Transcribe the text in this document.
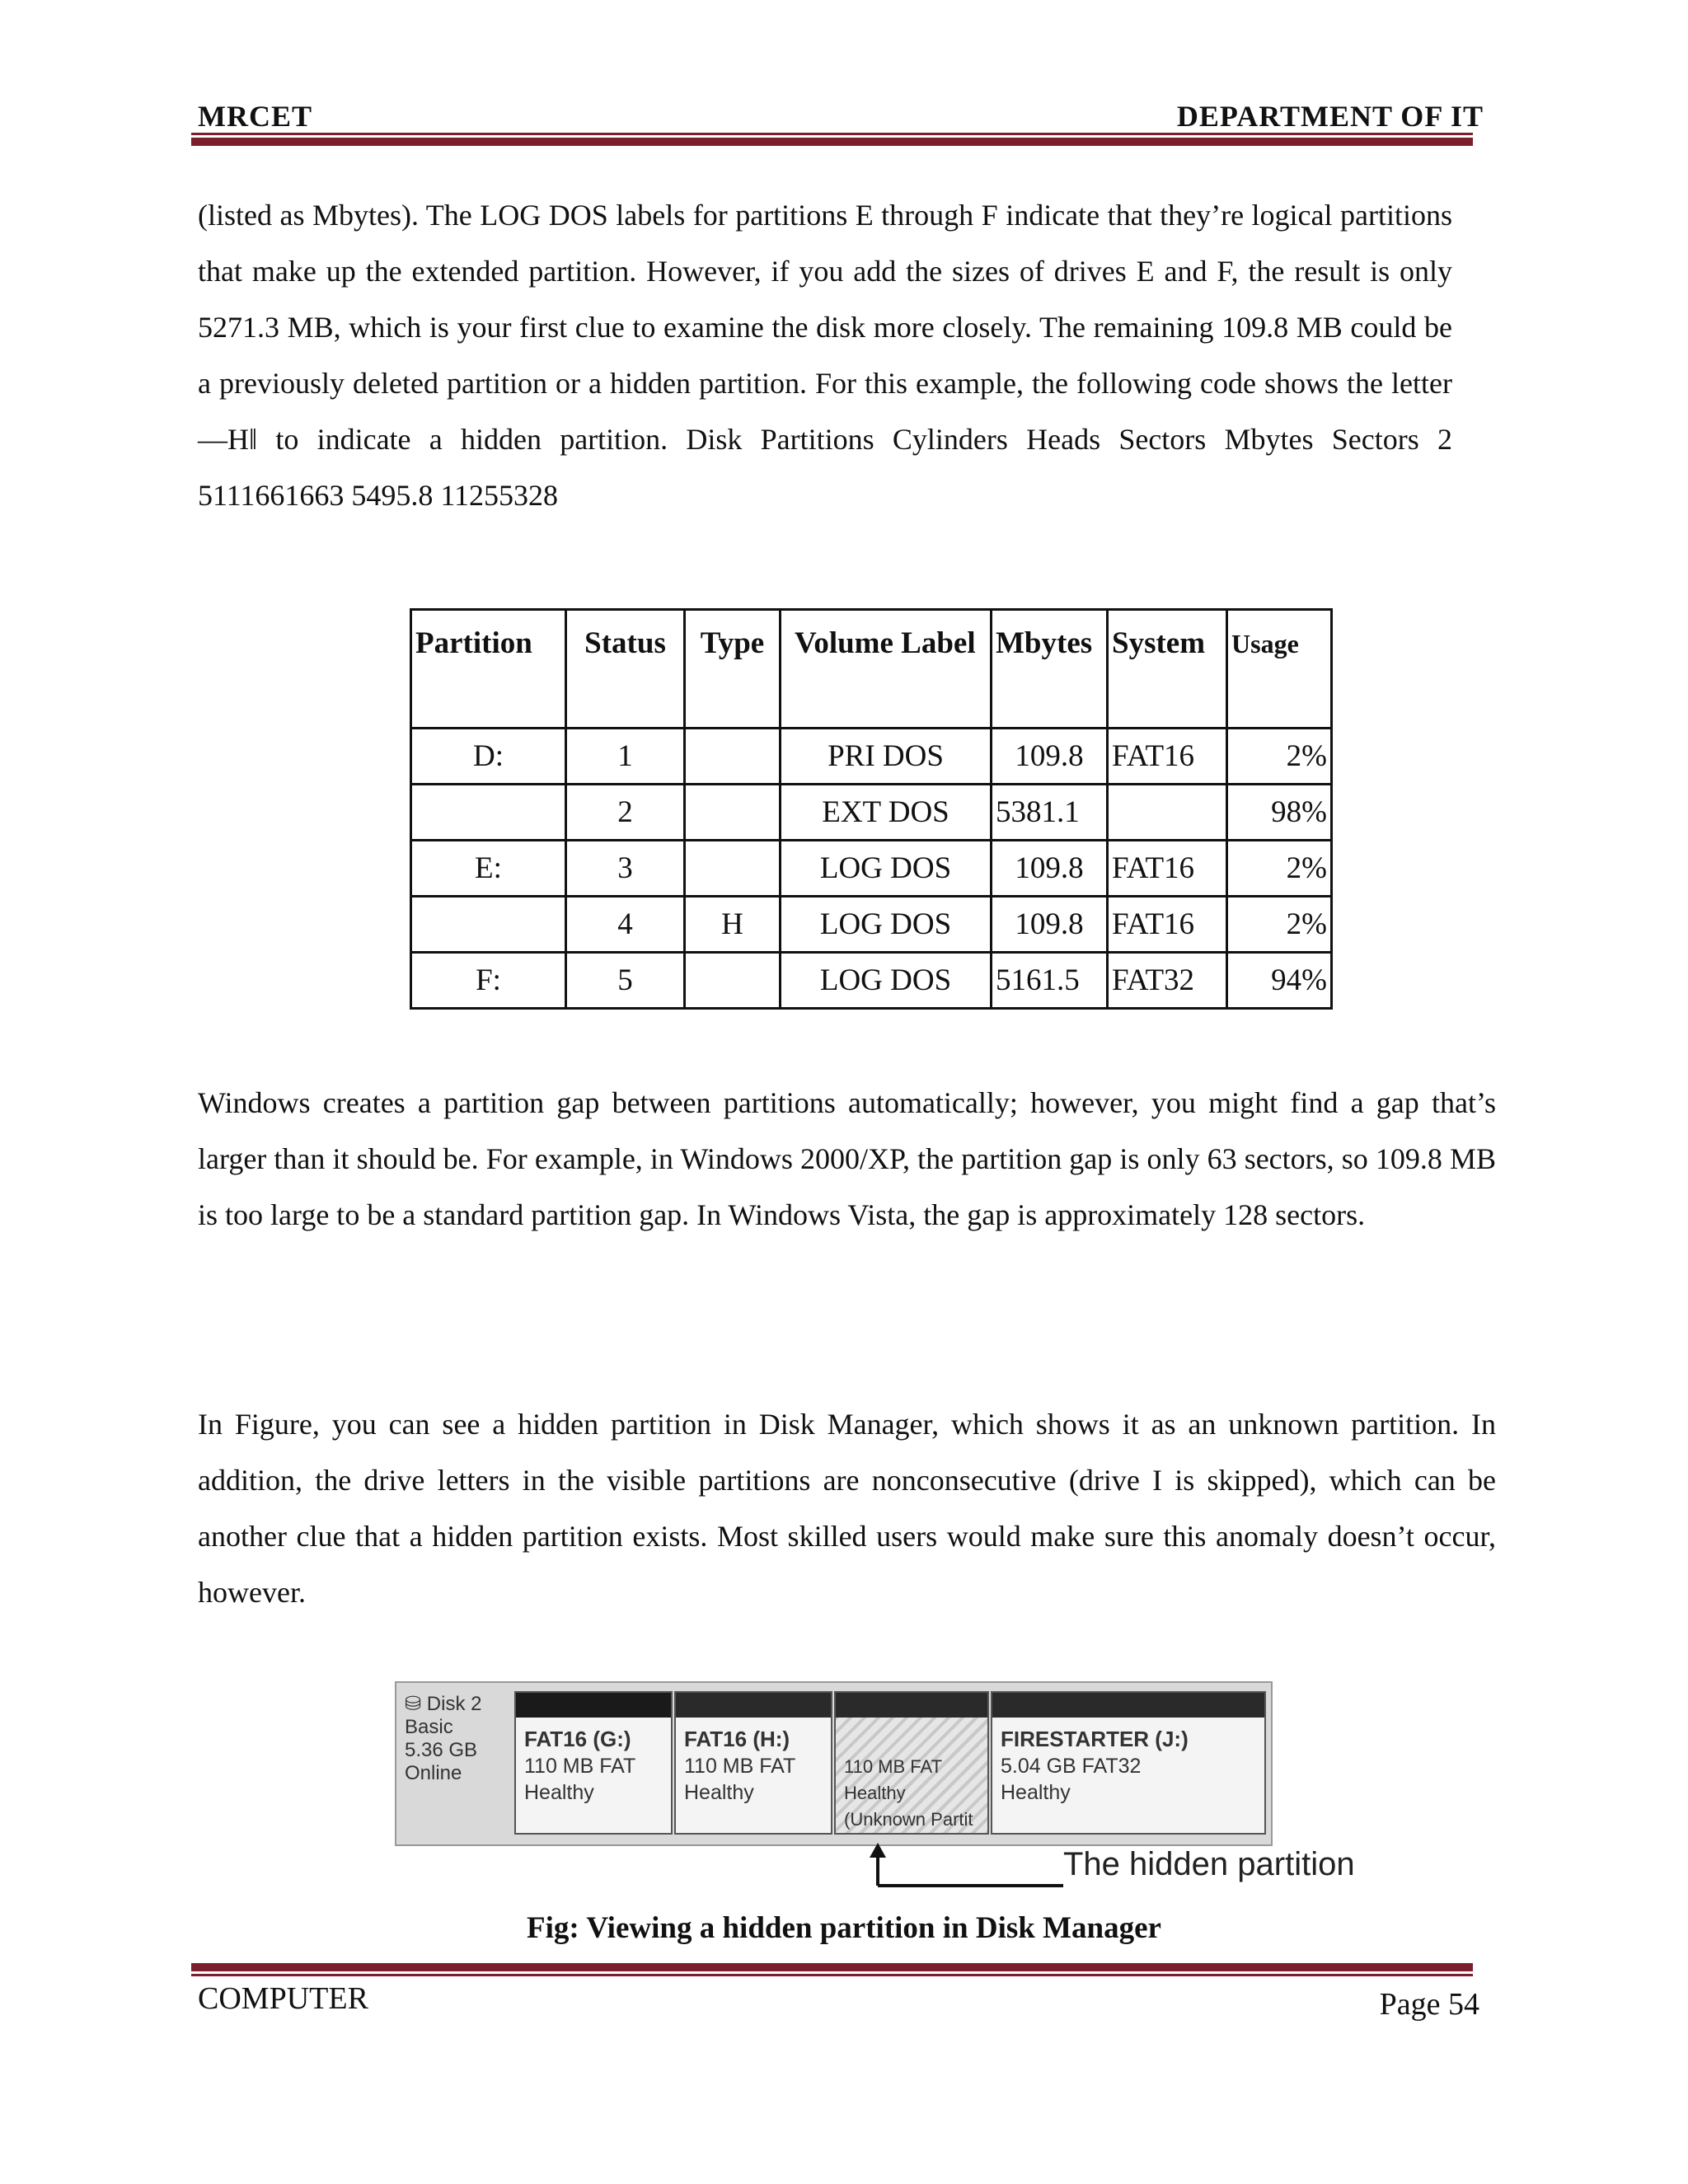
MRCET	DEPARTMENT OF IT

(listed as Mbytes). The LOG DOS labels for partitions E through F indicate that they’re logical partitions that make up the extended partition. However, if you add the sizes of drives E and F, the result is only 5271.3 MB, which is your first clue to examine the disk more closely. The remaining 109.8 MB could be a previously deleted partition or a hidden partition. For this example, the following code shows the letter ―H‖ to indicate a hidden partition. Disk Partitions Cylinders Heads Sectors Mbytes Sectors 2 5111661663 5495.8 11255328

Partition	Status	Type	Volume Label	Mbytes	System	Usage
D:	1		PRI DOS	109.8	FAT16	2%
	2		EXT DOS	5381.1		98%
E:	3		LOG DOS	109.8	FAT16	2%
	4	H	LOG DOS	109.8	FAT16	2%
F:	5		LOG DOS	5161.5	FAT32	94%

Windows creates a partition gap between partitions automatically; however, you might find a gap that’s larger than it should be. For example, in Windows 2000/XP, the partition gap is only 63 sectors, so 109.8 MB is too large to be a standard partition gap. In Windows Vista, the gap is approximately 128 sectors.

In Figure, you can see a hidden partition in Disk Manager, which shows it as an unknown partition. In addition, the drive letters in the visible partitions are nonconsecutive (drive I is skipped), which can be another clue that a hidden partition exists. Most skilled users would make sure this anomaly doesn’t occur, however.

⛁ Disk 2
Basic
5.36 GB
Online
FAT16 (G:)
110 MB FAT
Healthy
FAT16 (H:)
110 MB FAT
Healthy

110 MB FAT
Healthy (Unknown Partit
FIRESTARTER (J:)
5.04 GB FAT32
Healthy
The hidden partition
Fig: Viewing a hidden partition in Disk Manager
COMPUTER	Page 54
